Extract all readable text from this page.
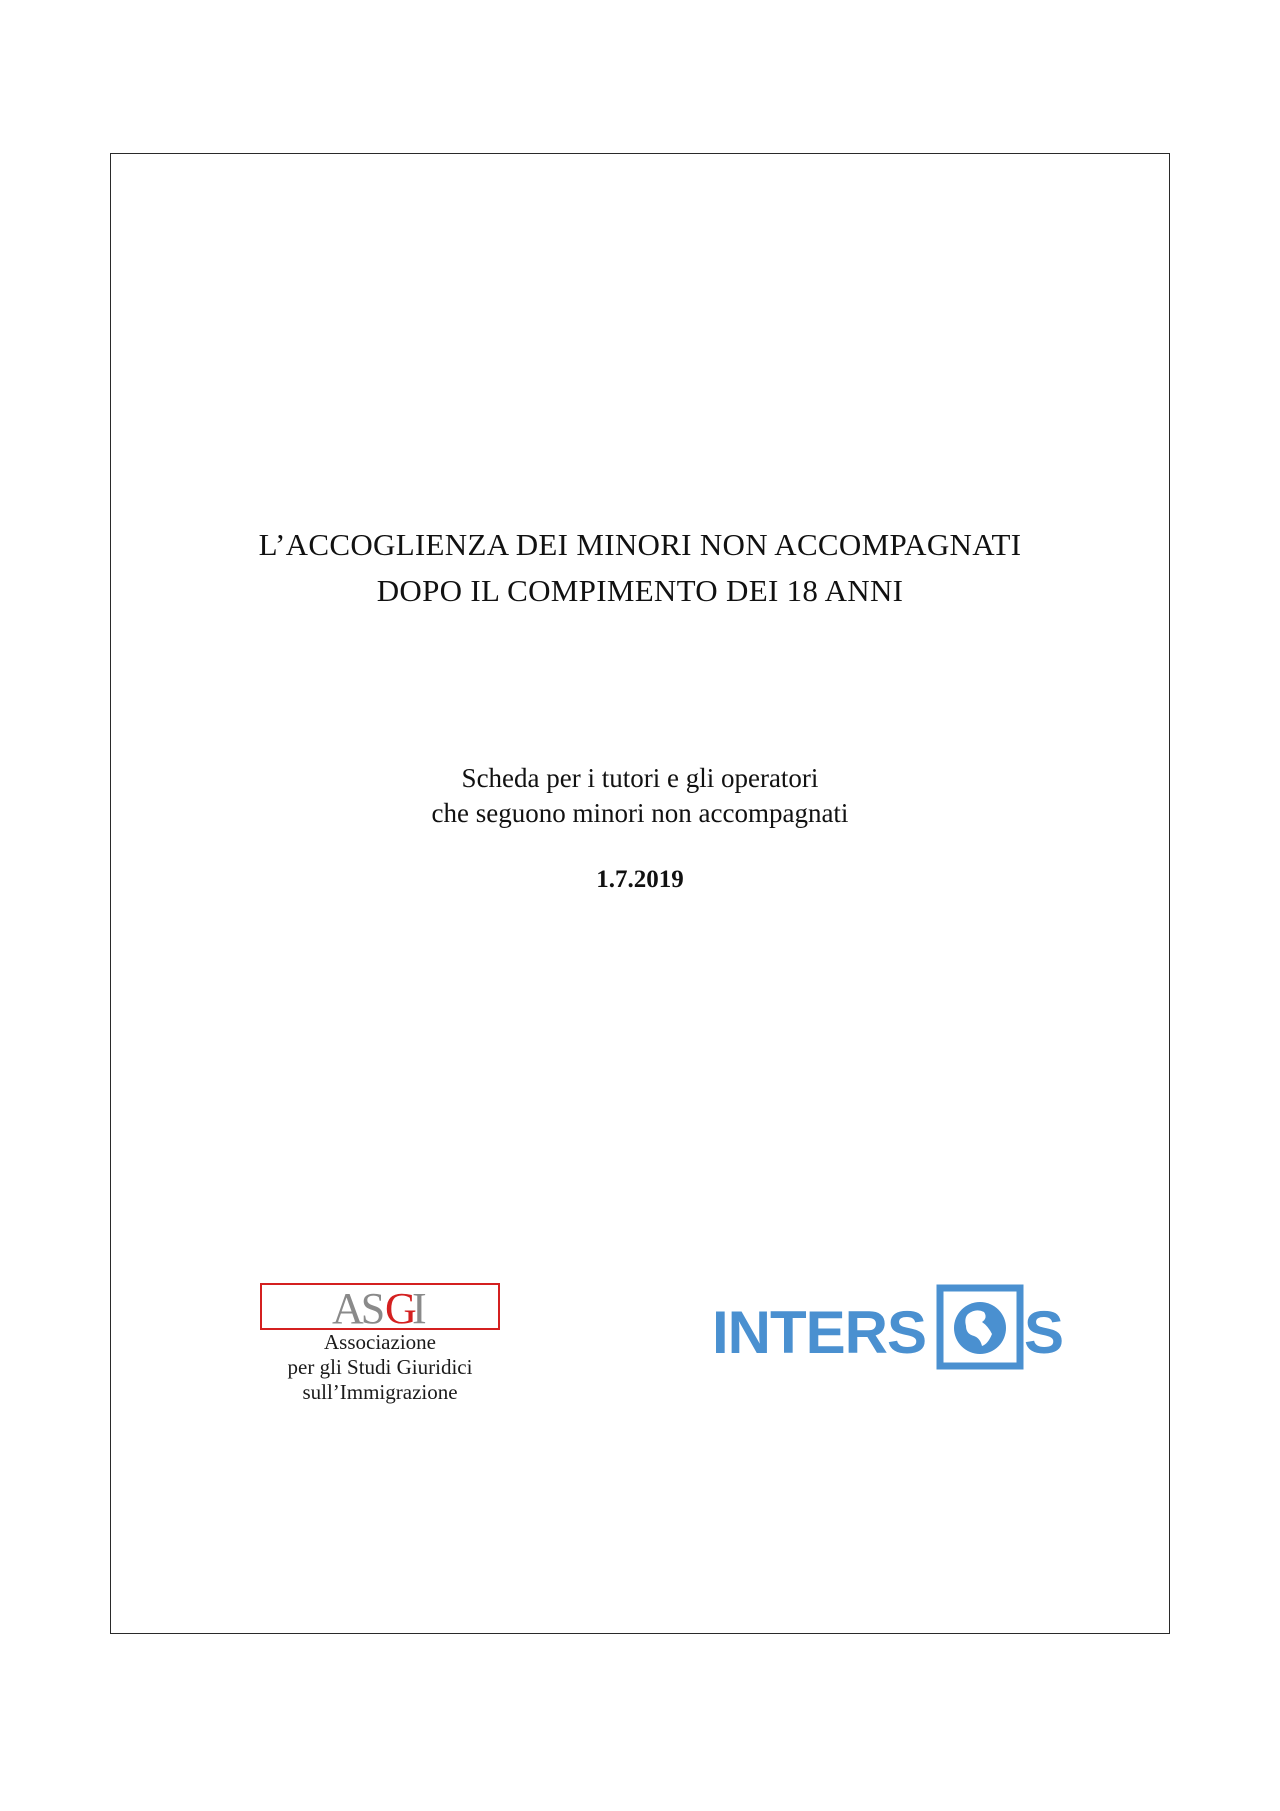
L’ACCOGLIENZA DEI MINORI NON ACCOMPAGNATI
DOPO IL COMPIMENTO DEI 18 ANNI
Scheda per i tutori e gli operatori
che seguono minori non accompagnati
1.7.2019
AS G
I
Associazione
per gli Studi Giuridici
sull’Immigrazione
INTERS S
